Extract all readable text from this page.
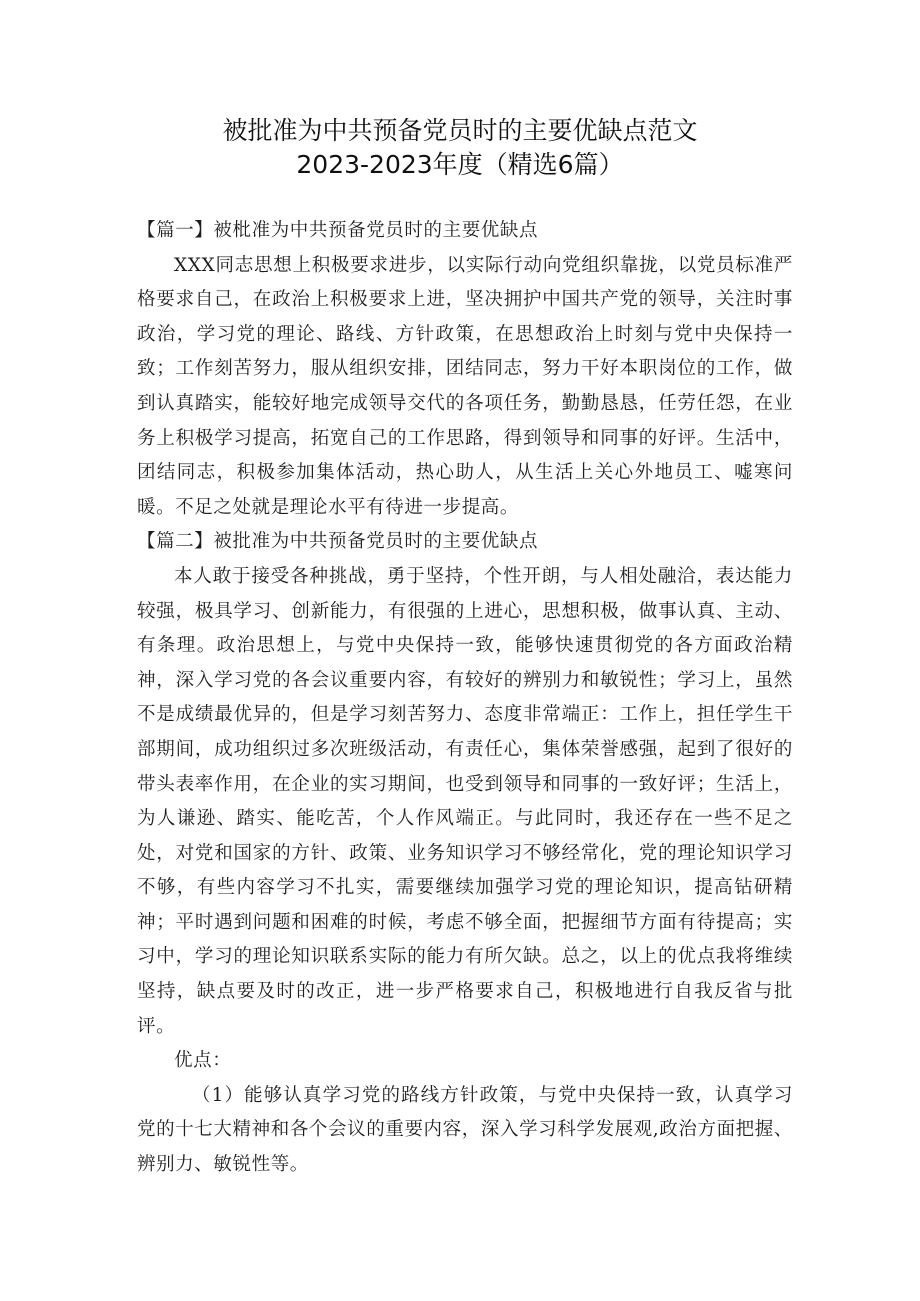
被批准为中共预备党员时的主要优缺点范文
2023-2023年度（精选6篇）

【篇一】被枇准为中共预备党员时的主要优缺点

XXX同志思想上积极要求进步，以实际行动向党组织靠拢，以党员标准严格要求自己，在政治上积极要求上进，坚决拥护中国共产党的领导，关注时事政治，学习党的理论、路线、方针政策，在思想政治上时刻与党中央保持一致；工作刻苦努力，服从组织安排，团结同志，努力干好本职岗位的工作，做到认真踏实，能较好地完成领导交代的各项任务，勤勤恳恳，任劳任怨，在业务上积极学习提高，拓宽自己的工作思路，得到领导和同事的好评。生活中，团结同志，积极参加集体活动，热心助人，从生活上关心外地员工、嘘寒问暖。不足之处就是理论水平有待进一步提高。

【篇二】被批准为中共预备党员时的主要优缺点

本人敢于接受各种挑战，勇于坚持，个性开朗，与人相处融洽，表达能力较强，极具学习、创新能力，有很强的上进心，思想积极，做事认真、主动、有条理。政治思想上，与党中央保持一致，能够快速贯彻党的各方面政治精神，深入学习党的各会议重要内容，有较好的辨别力和敏锐性；学习上，虽然不是成绩最优异的，但是学习刻苦努力、态度非常端正：工作上，担任学生干部期间，成功组织过多次班级活动，有责任心，集体荣誉感强，起到了很好的带头表率作用，在企业的实习期间，也受到领导和同事的一致好评；生活上，为人谦逊、踏实、能吃苦，个人作风端正。与此同时，我还存在一些不足之处，对党和国家的方针、政策、业务知识学习不够经常化，党的理论知识学习不够，有些内容学习不扎实，需要继续加强学习党的理论知识，提高钻研精神；平时遇到问题和困难的时候，考虑不够全面，把握细节方面有待提高；实习中，学习的理论知识联系实际的能力有所欠缺。总之，以上的优点我将维续坚持，缺点要及时的改正，进一步严格要求自己，积极地进行自我反省与批评。

优点：

（1）能够认真学习党的路线方针政策，与党中央保持一致，认真学习党的十七大精神和各个会议的重要内容，深入学习科学发展观,政治方面把握、辨别力、敏锐性等。
